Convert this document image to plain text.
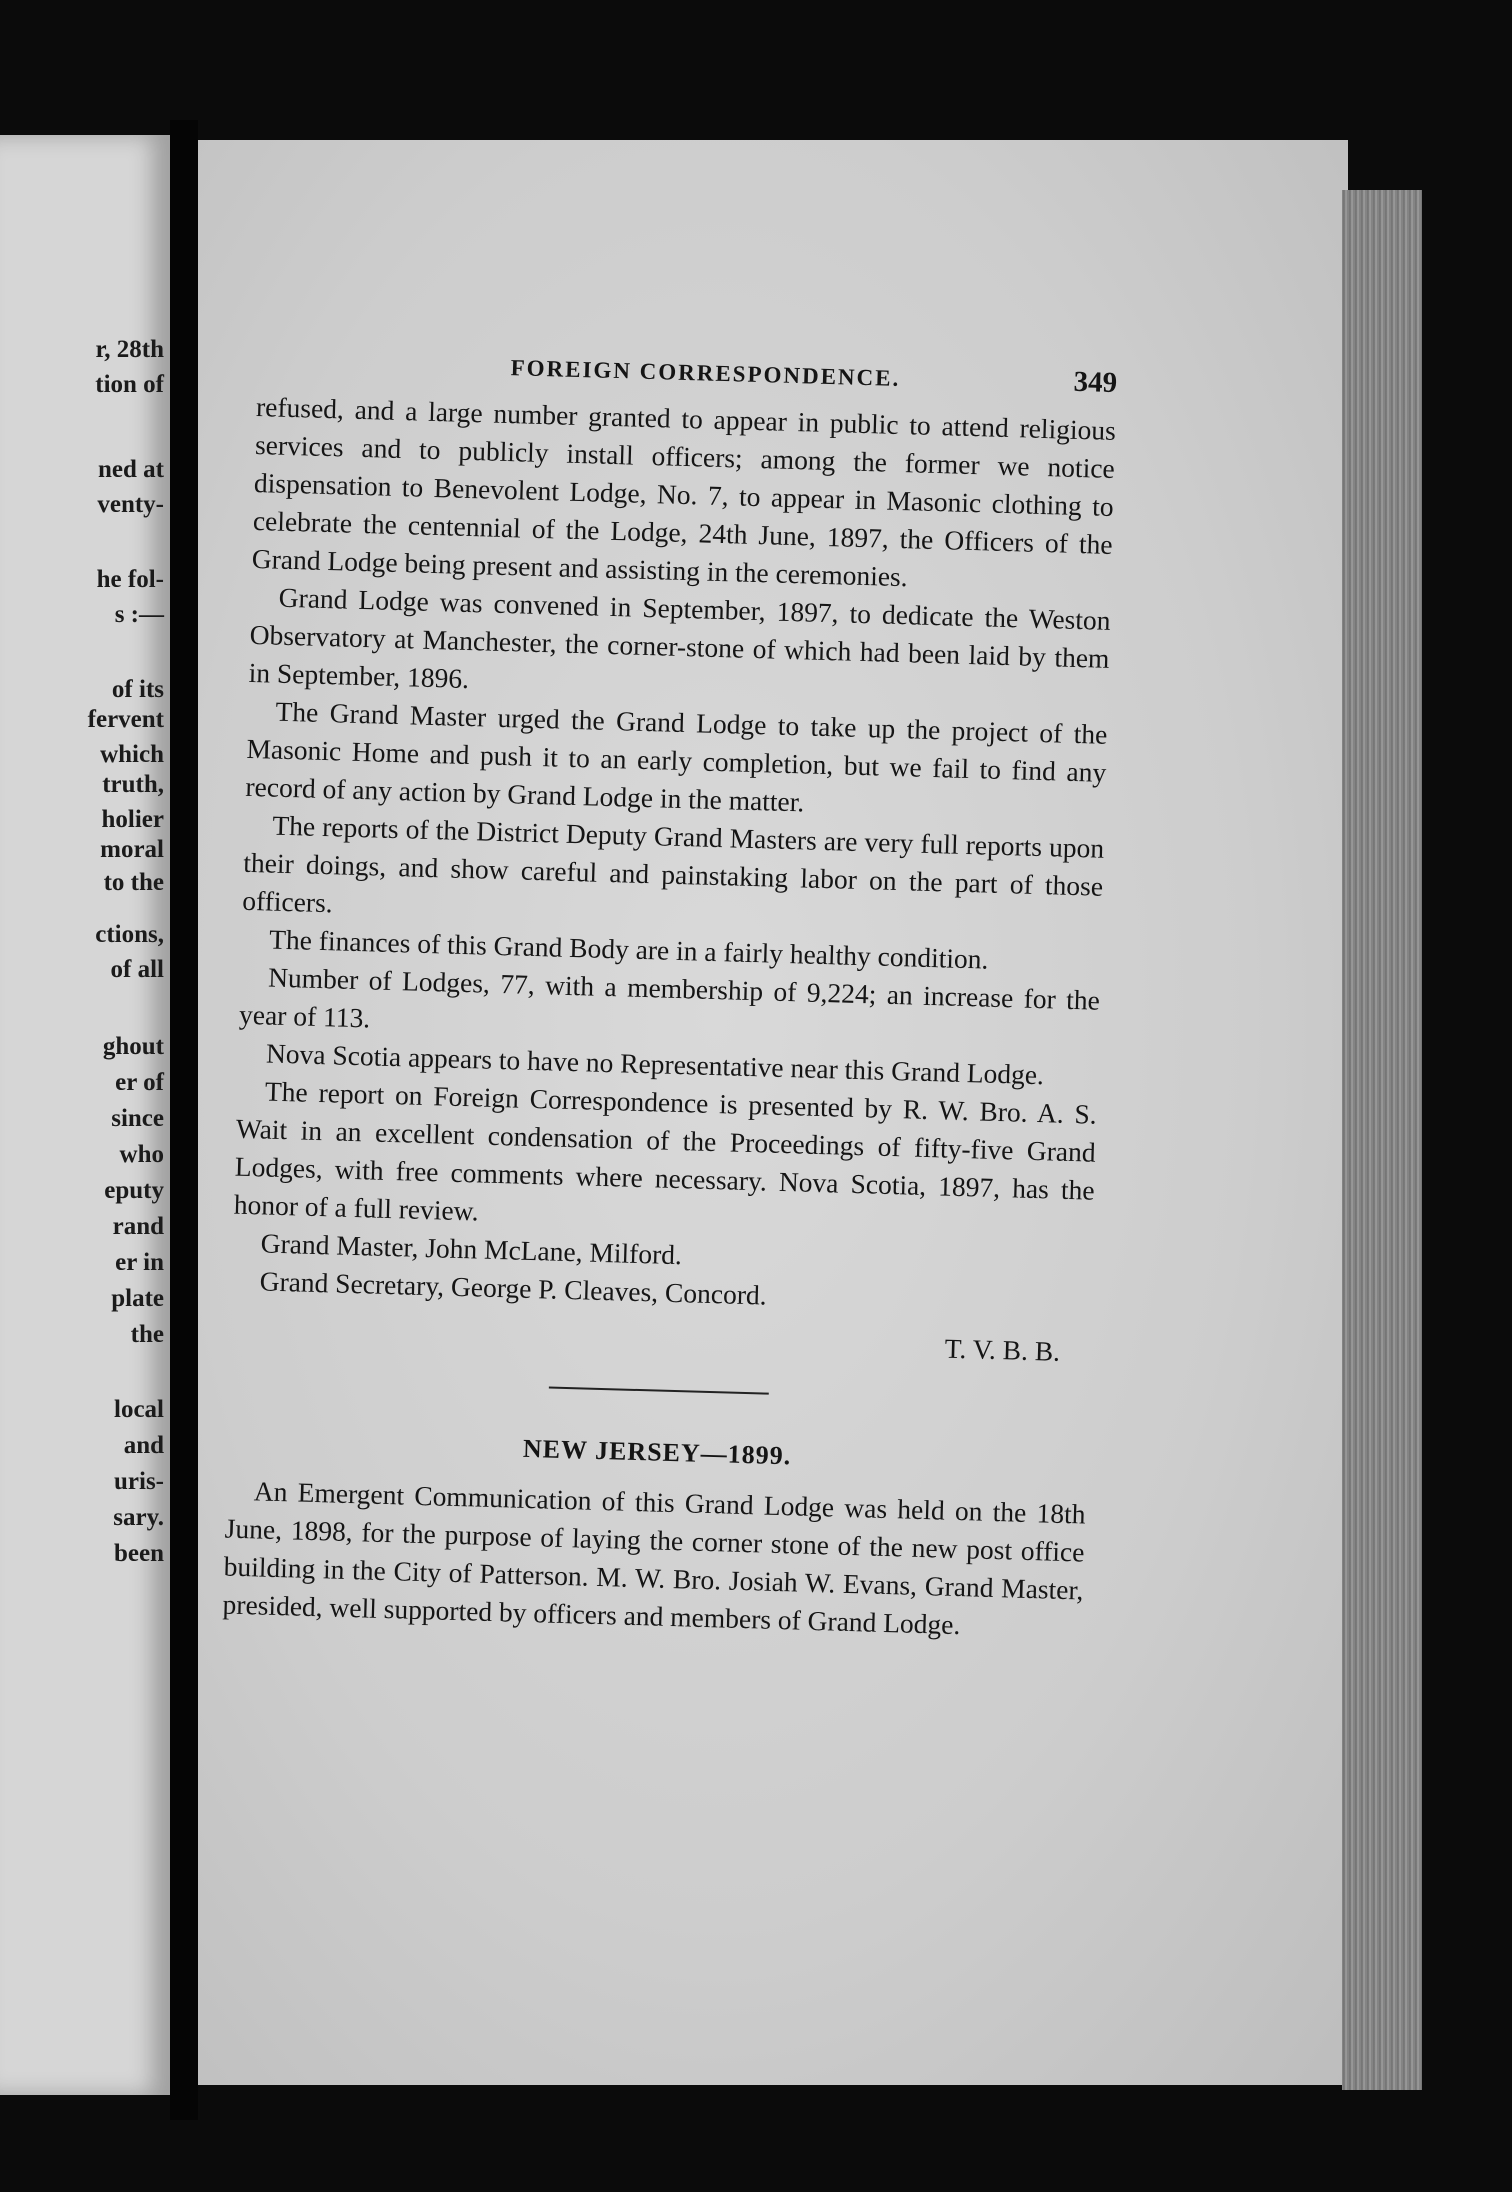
r, 28th
tion of
ned at
venty-
he fol-
s :—
of its
fervent
which
truth,
holier
moral
to the
ctions,
of all
ghout
er of
since
who
eputy
rand
er in
plate
the
local
and
uris-
sary.
been
FOREIGN CORRESPONDENCE.	349

refused, and a large number granted to appear in public to attend religious services and to publicly install officers; among the former we notice dispensation to Benevolent Lodge, No. 7, to appear in Masonic clothing to celebrate the centennial of the Lodge, 24th June, 1897, the Officers of the Grand Lodge being present and assisting in the ceremonies.

Grand Lodge was convened in September, 1897, to dedicate the Weston Observatory at Manchester, the corner-stone of which had been laid by them in September, 1896.

The Grand Master urged the Grand Lodge to take up the project of the Masonic Home and push it to an early completion, but we fail to find any record of any action by Grand Lodge in the matter.

The reports of the District Deputy Grand Masters are very full reports upon their doings, and show careful and painstaking labor on the part of those officers.

The finances of this Grand Body are in a fairly healthy condition.

Number of Lodges, 77, with a membership of 9,224; an increase for the year of 113.

Nova Scotia appears to have no Representative near this Grand Lodge.

The report on Foreign Correspondence is presented by R. W. Bro. A. S. Wait in an excellent condensation of the Proceedings of fifty-five Grand Lodges, with free comments where necessary. Nova Scotia, 1897, has the honor of a full review.

Grand Master, John McLane, Milford.

Grand Secretary, George P. Cleaves, Concord.

T. V. B. B.
NEW JERSEY—1899.

An Emergent Communication of this Grand Lodge was held on the 18th June, 1898, for the purpose of laying the corner stone of the new post office building in the City of Patterson. M. W. Bro. Josiah W. Evans, Grand Master, presided, well supported by officers and members of Grand Lodge.
